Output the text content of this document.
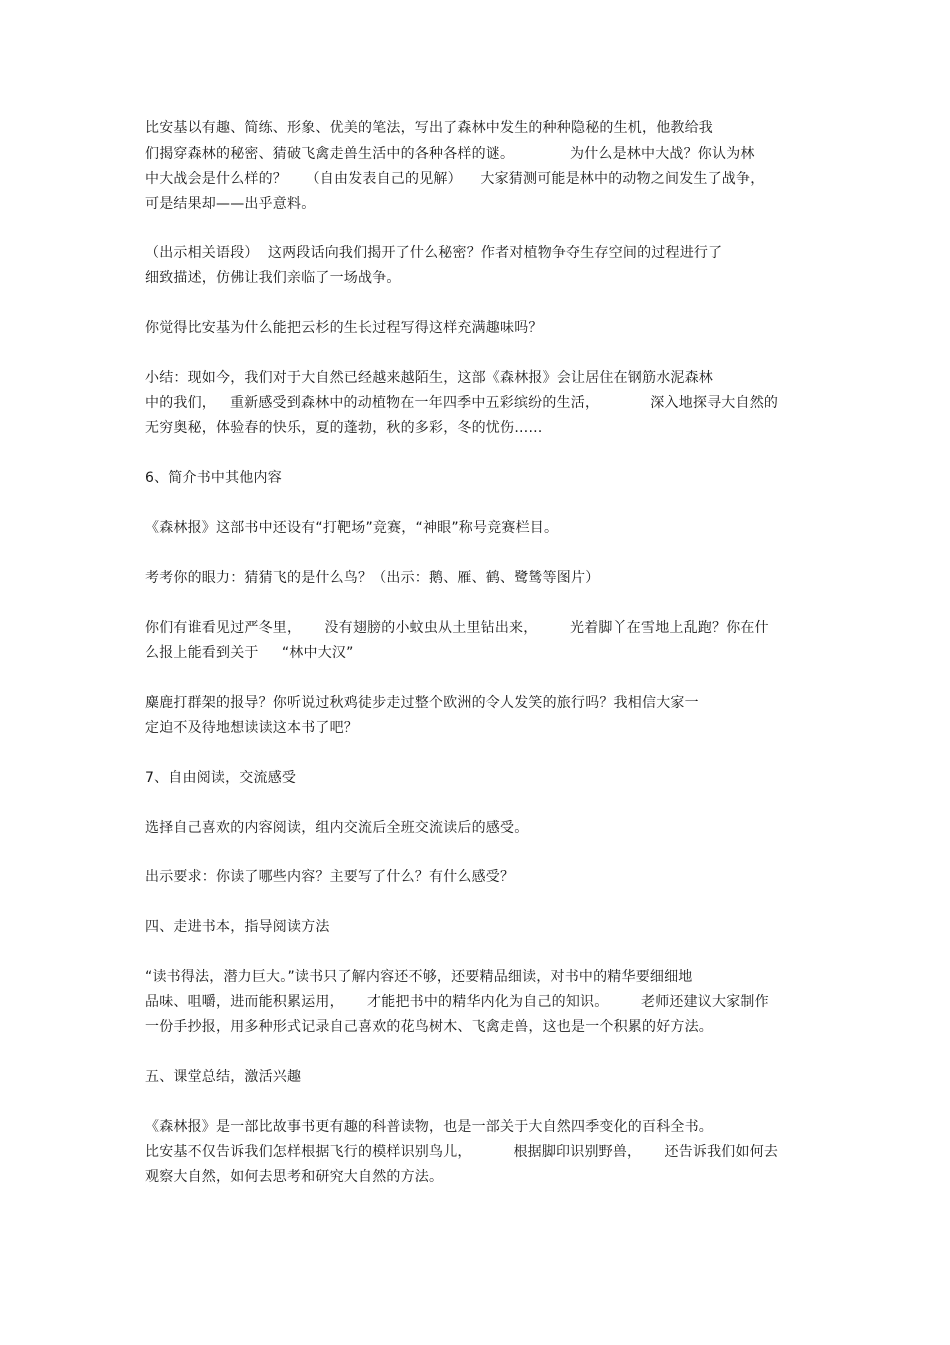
比安基以有趣、简练、形象、优美的笔法，写出了森林中发生的种种隐秘的生机，他教给我
们揭穿森林的秘密、猜破飞禽走兽生活中的各种各样的谜。            为什么是林中大战？你认为林
中大战会是什么样的？    （自由发表自己的见解）    大家猜测可能是林中的动物之间发生了战争，
可是结果却——出乎意料。
（出示相关语段）  这两段话向我们揭开了什么秘密？作者对植物争夺生存空间的过程进行了
细致描述，仿佛让我们亲临了一场战争。
你觉得比安基为什么能把云杉的生长过程写得这样充满趣味吗？
小结：现如今，我们对于大自然已经越来越陌生，这部《森林报》会让居住在钢筋水泥森林
中的我们，   重新感受到森林中的动植物在一年四季中五彩缤纷的生活，           深入地探寻大自然的
无穷奥秘，体验春的快乐，夏的蓬勃，秋的多彩，冬的忧伤……
6、简介书中其他内容
《森林报》这部书中还设有“打靶场”竞赛，“神眼”称号竞赛栏目。
考考你的眼力：猜猜飞的是什么鸟？（出示：鹅、雁、鹤、鹭鸶等图片）
你们有谁看见过严冬里，     没有翅膀的小蚊虫从土里钻出来，       光着脚丫在雪地上乱跑？你在什
么报上能看到关于     “林中大汉”
麋鹿打群架的报导？你听说过秋鸡徒步走过整个欧洲的令人发笑的旅行吗？我相信大家一
定迫不及待地想读读这本书了吧？
7、自由阅读，交流感受
选择自己喜欢的内容阅读，组内交流后全班交流读后的感受。
出示要求：你读了哪些内容？主要写了什么？有什么感受？
四、走进书本，指导阅读方法
“读书得法，潜力巨大。”读书只了解内容还不够，还要精品细读，对书中的精华要细细地
品味、咀嚼，进而能积累运用，     才能把书中的精华内化为自己的知识。       老师还建议大家制作
一份手抄报，用多种形式记录自己喜欢的花鸟树木、飞禽走兽，这也是一个积累的好方法。
五、课堂总结，激活兴趣
《森林报》是一部比故事书更有趣的科普读物，也是一部关于大自然四季变化的百科全书。
比安基不仅告诉我们怎样根据飞行的模样识别鸟儿，         根据脚印识别野兽，     还告诉我们如何去
观察大自然，如何去思考和研究大自然的方法。
